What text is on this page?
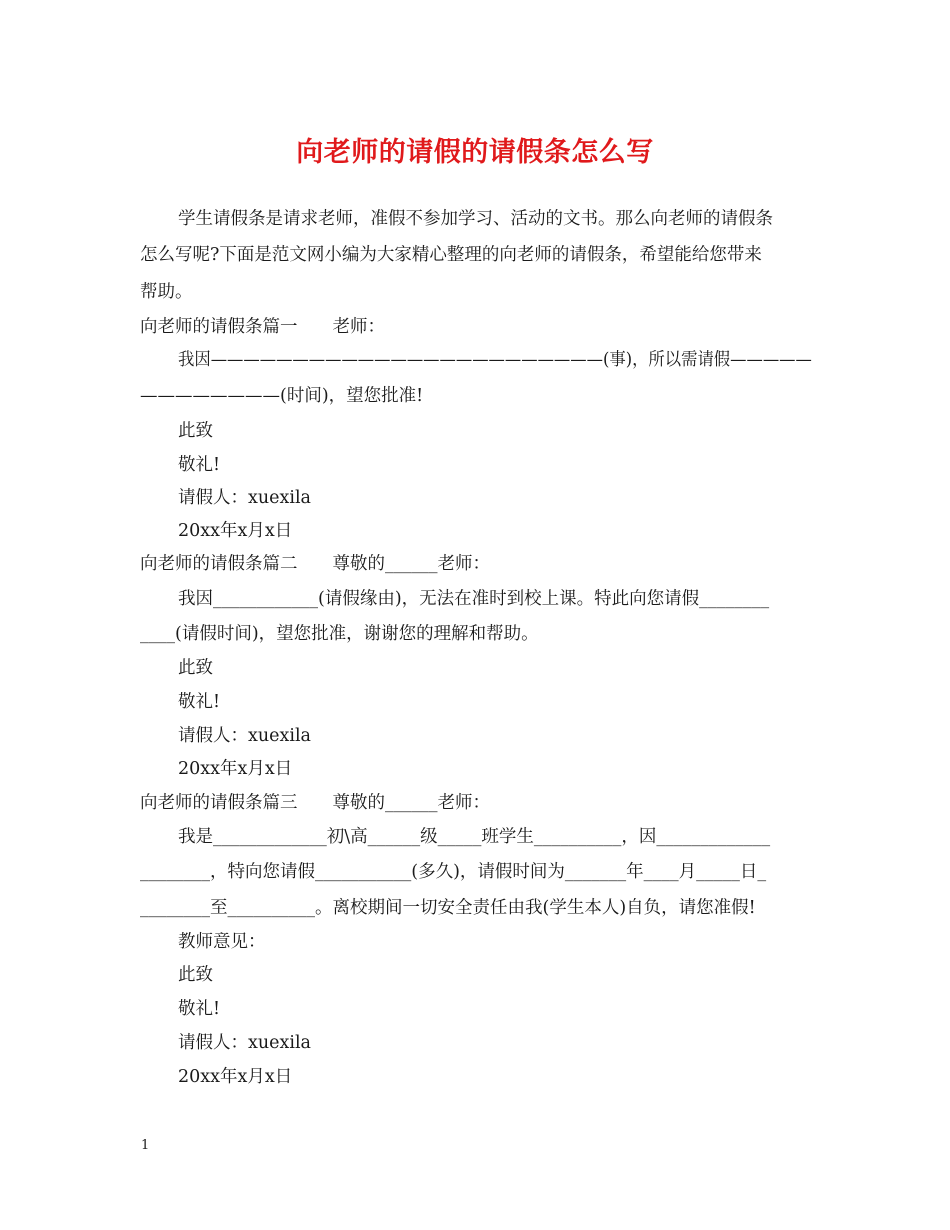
向老师的请假的请假条怎么写

学生请假条是请求老师，准假不参加学习、活动的文书。那么向老师的请假条

怎么写呢?下面是范文网小编为大家精心整理的向老师的请假条，希望能给您带来

帮助。

向老师的请假条篇一　　老师：

我因————————————————————————(事)，所以需请假—————

————————(时间)，望您批准!

此致

敬礼!

请假人：xuexila

20xx年x月x日

向老师的请假条篇二　　尊敬的______老师：

我因____________(请假缘由)，无法在准时到校上课。特此向您请假________

____(请假时间)，望您批准，谢谢您的理解和帮助。

此致

敬礼!

请假人：xuexila

20xx年x月x日

向老师的请假条篇三　　尊敬的______老师：

我是_____________初\高______级_____班学生__________，因_____________

________，特向您请假___________(多久)，请假时间为_______年____月_____日_

________至__________。离校期间一切安全责任由我(学生本人)自负，请您准假!

教师意见：

此致

敬礼!

请假人：xuexila

20xx年x月x日

1
